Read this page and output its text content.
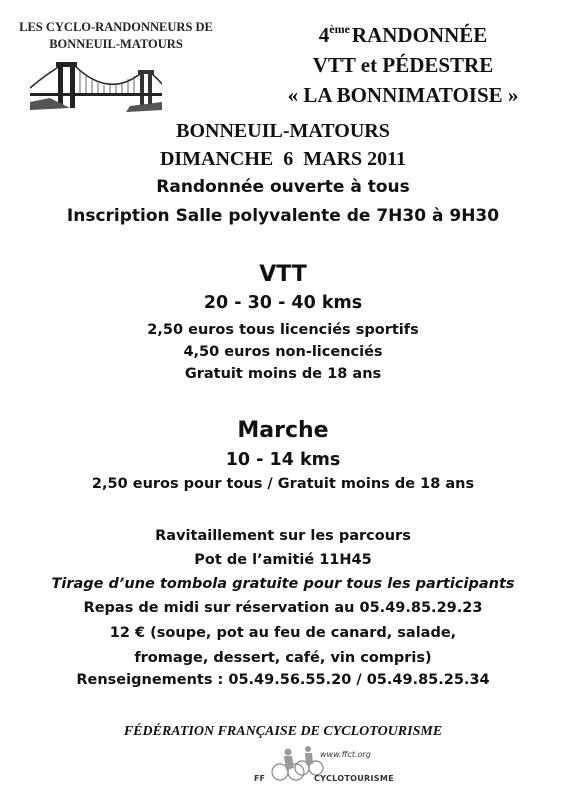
LES CYCLO-RANDONNEURS DE
BONNEUIL-MATOURS	4èmeRANDONNÉE
VTT et PÉDESTRE
« LA BONNIMATOISE »
BONNEUIL-MATOURS
DIMANCHE  6  MARS 2011
Randonnée ouverte à tous
Inscription Salle polyvalente de 7H30 à 9H30
VTT
20 - 30 - 40 kms
2,50 euros tous licenciés sportifs
4,50 euros non-licenciés
Gratuit moins de 18 ans
Marche
10 - 14 kms
2,50 euros pour tous / Gratuit moins de 18 ans
Ravitaillement sur les parcours
Pot de l’amitié 11H45
Tirage d’une tombola gratuite pour tous les participants
Repas de midi sur réservation au 05.49.85.29.23
12 € (soupe, pot au feu de canard, salade,
fromage, dessert, café, vin compris)
Renseignements : 05.49.56.55.20 / 05.49.85.25.34
FÉDÉRATION FRANÇAISE DE CYCLOTOURISME
www.ffct.org
FF	CYCLOTOURISME
